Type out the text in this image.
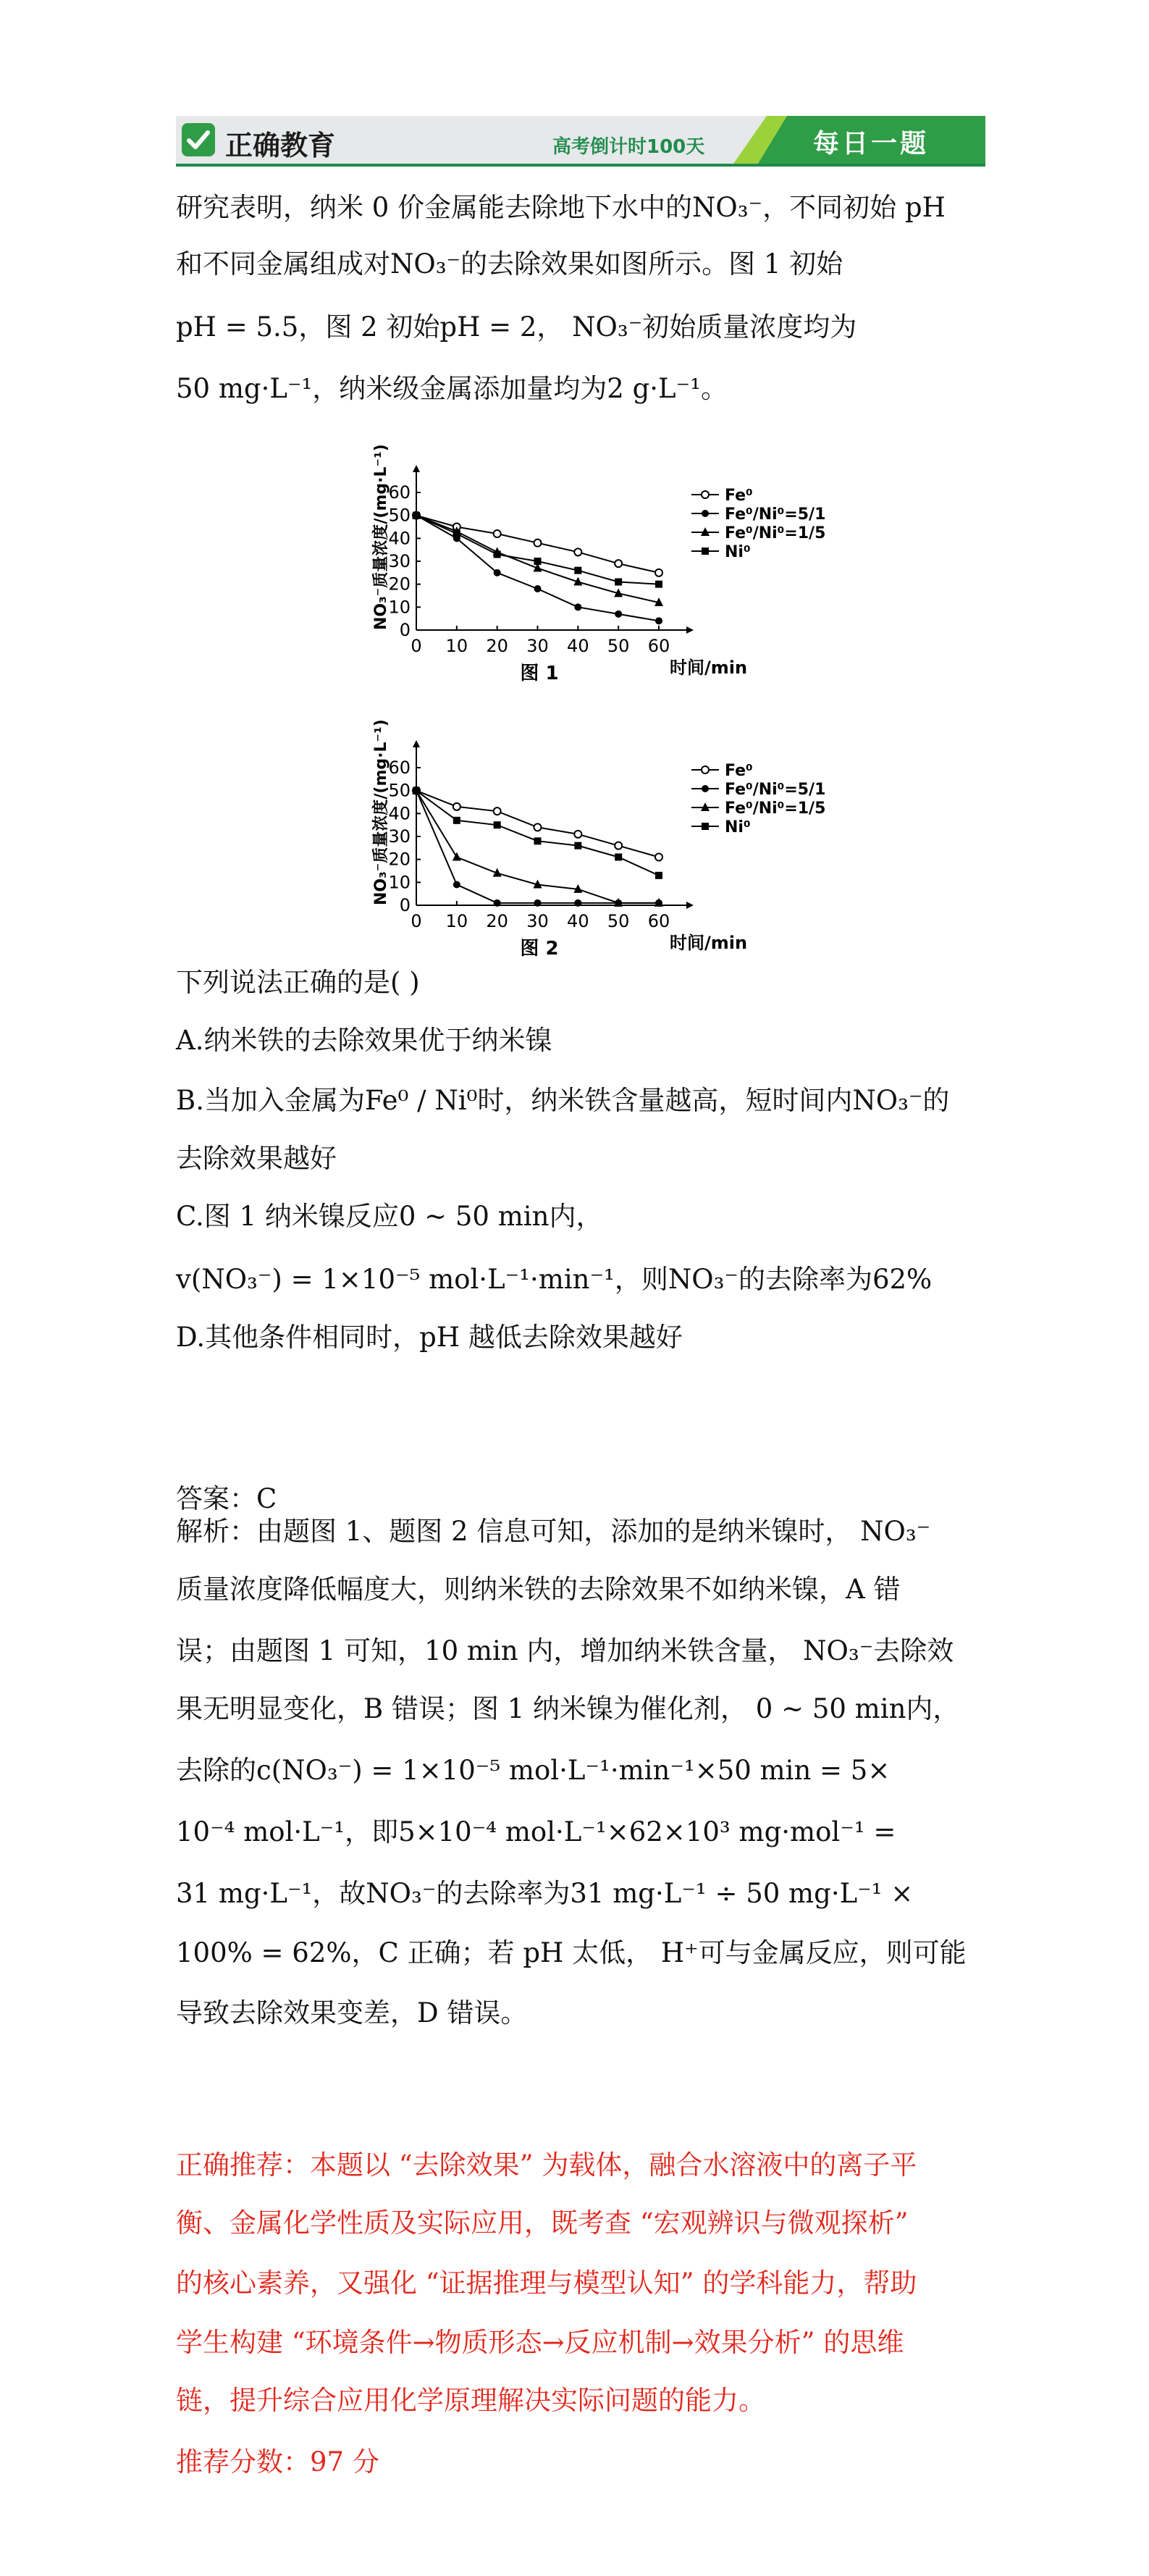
正确教育	高考倒计时100天	每日一题
研究表明，纳米 0 价金属能去除地下水中的NO₃⁻，不同初始 pH
和不同金属组成对NO₃⁻的去除效果如图所示。图 1 初始
pH = 5.5，图 2 初始pH = 2， NO₃⁻初始质量浓度均为
50 mg·L⁻¹，纳米级金属添加量均为2 g·L⁻¹。
0
10
20
30
40
50
60
0 10 20 30 40 50 60
时间/min
NO₃⁻质量浓度/(mg·L⁻¹)
图 1
Fe⁰
Fe⁰/Ni⁰=5/1
Fe⁰/Ni⁰=1/5
Ni⁰
0
10
20
30
40
50
60
0 10 20 30 40 50 60
时间/min
NO₃⁻质量浓度/(mg·L⁻¹)
图 2
Fe⁰
Fe⁰/Ni⁰=5/1
Fe⁰/Ni⁰=1/5
Ni⁰
下列说法正确的是( )
A.纳米铁的去除效果优于纳米镍
B.当加入金属为Fe⁰ / Ni⁰时，纳米铁含量越高，短时间内NO₃⁻的
去除效果越好
C.图 1 纳米镍反应0 ~ 50 min内，
v(NO₃⁻) = 1×10⁻⁵ mol·L⁻¹·min⁻¹，则NO₃⁻的去除率为62%
D.其他条件相同时，pH 越低去除效果越好
答案：C
解析：由题图 1、题图 2 信息可知，添加的是纳米镍时， NO₃⁻
质量浓度降低幅度大，则纳米铁的去除效果不如纳米镍，A 错
误；由题图 1 可知，10 min 内，增加纳米铁含量， NO₃⁻去除效
果无明显变化，B 错误；图 1 纳米镍为催化剂， 0 ~ 50 min内，
去除的c(NO₃⁻) = 1×10⁻⁵ mol·L⁻¹·min⁻¹×50 min = 5×
10⁻⁴ mol·L⁻¹，即5×10⁻⁴ mol·L⁻¹×62×10³ mg·mol⁻¹ =
31 mg·L⁻¹，故NO₃⁻的去除率为31 mg·L⁻¹ ÷ 50 mg·L⁻¹ ×
100% = 62%，C 正确；若 pH 太低， H⁺可与金属反应，则可能
导致去除效果变差，D 错误。
正确推荐：本题以 “去除效果” 为载体，融合水溶液中的离子平
衡、金属化学性质及实际应用，既考查 “宏观辨识与微观探析”
的核心素养，又强化 “证据推理与模型认知” 的学科能力，帮助
学生构建 “环境条件→物质形态→反应机制→效果分析” 的思维
链，提升综合应用化学原理解决实际问题的能力。
推荐分数：97 分
